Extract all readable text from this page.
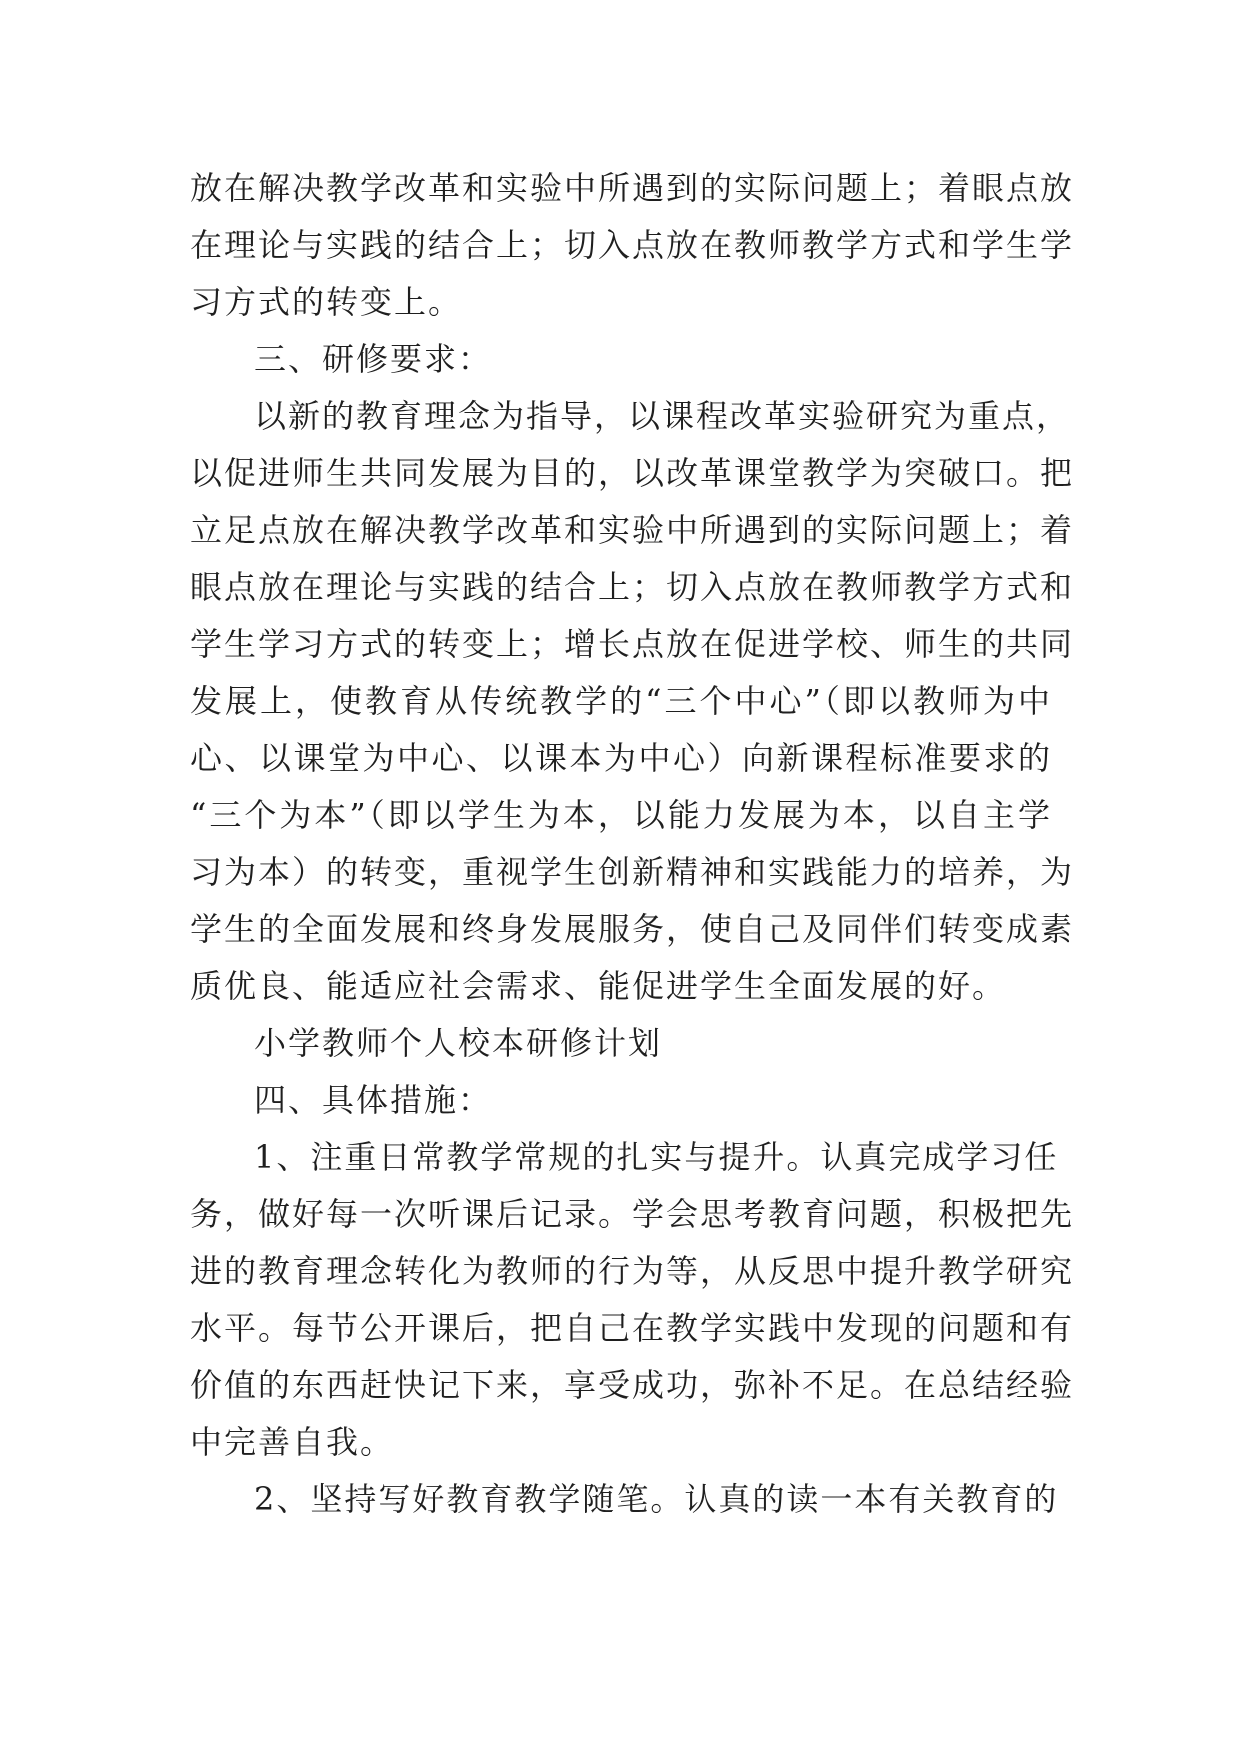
放在解决教学改革和实验中所遇到的实际问题上；着眼点放
在理论与实践的结合上；切入点放在教师教学方式和学生学
习方式的转变上。
三、研修要求：
以新的教育理念为指导，以课程改革实验研究为重点，
以促进师生共同发展为目的，以改革课堂教学为突破口。把
立足点放在解决教学改革和实验中所遇到的实际问题上；着
眼点放在理论与实践的结合上；切入点放在教师教学方式和
学生学习方式的转变上；增长点放在促进学校、师生的共同
发展上，使教育从传统教学的“三个中心”（即以教师为中
心、以课堂为中心、以课本为中心）向新课程标准要求的
“三个为本”（即以学生为本，以能力发展为本，以自主学
习为本）的转变，重视学生创新精神和实践能力的培养，为
学生的全面发展和终身发展服务，使自己及同伴们转变成素
质优良、能适应社会需求、能促进学生全面发展的好。
小学教师个人校本研修计划
四、具体措施：
1、注重日常教学常规的扎实与提升。认真完成学习任
务，做好每一次听课后记录。学会思考教育问题，积极把先
进的教育理念转化为教师的行为等，从反思中提升教学研究
水平。每节公开课后，把自己在教学实践中发现的问题和有
价值的东西赶快记下来，享受成功，弥补不足。在总结经验
中完善自我。
2、坚持写好教育教学随笔。认真的读一本有关教育的
